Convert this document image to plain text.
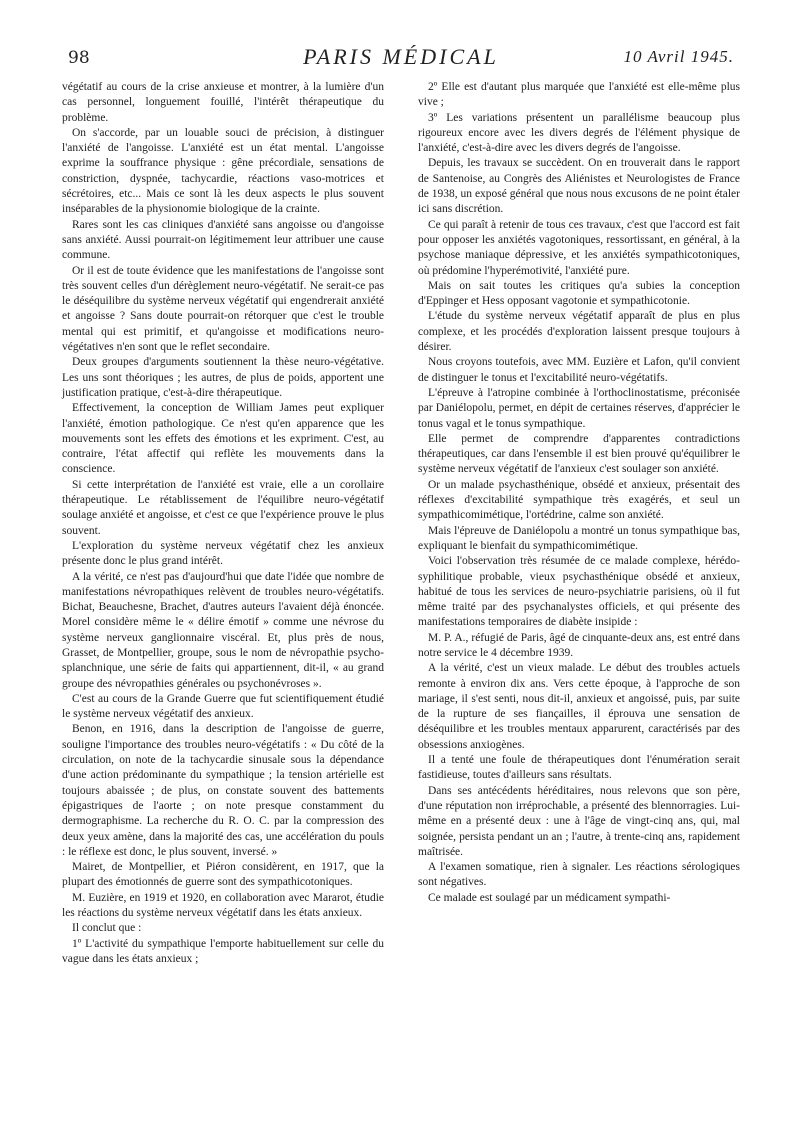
98	PARIS MÉDICAL	10 Avril 1945.

végétatif au cours de la crise anxieuse et montrer, à la lumière d'un cas personnel, longuement fouillé, l'intérêt thérapeutique du problème.

On s'accorde, par un louable souci de précision, à distinguer l'anxiété de l'angoisse. L'anxiété est un état mental. L'angoisse exprime la souffrance physique : gêne précordiale, sensations de constriction, dyspnée, tachycardie, réactions vaso-motrices et sécrétoires, etc... Mais ce sont là les deux aspects le plus souvent inséparables de la physionomie biologique de la crainte.

Rares sont les cas cliniques d'anxiété sans angoisse ou d'angoisse sans anxiété. Aussi pourrait-on légitimement leur attribuer une cause commune.

Or il est de toute évidence que les manifestations de l'angoisse sont très souvent celles d'un dérèglement neuro-végétatif. Ne serait-ce pas le déséquilibre du système nerveux végétatif qui engendrerait anxiété et angoisse ? Sans doute pourrait-on rétorquer que c'est le trouble mental qui est primitif, et qu'angoisse et modifications neuro-végétatives n'en sont que le reflet secondaire.

Deux groupes d'arguments soutiennent la thèse neuro-végétative. Les uns sont théoriques ; les autres, de plus de poids, apportent une justification pratique, c'est-à-dire thérapeutique.

Effectivement, la conception de William James peut expliquer l'anxiété, émotion pathologique. Ce n'est qu'en apparence que les mouvements sont les effets des émotions et les expriment. C'est, au contraire, l'état affectif qui reflète les mouvements dans la conscience.

Si cette interprétation de l'anxiété est vraie, elle a un corollaire thérapeutique. Le rétablissement de l'équilibre neuro-végétatif soulage anxiété et angoisse, et c'est ce que l'expérience prouve le plus souvent.

L'exploration du système nerveux végétatif chez les anxieux présente donc le plus grand intérêt.

A la vérité, ce n'est pas d'aujourd'hui que date l'idée que nombre de manifestations névropathiques relèvent de troubles neuro-végétatifs. Bichat, Beauchesne, Brachet, d'autres auteurs l'avaient déjà énoncée. Morel considère même le « délire émotif » comme une névrose du système nerveux ganglionnaire viscéral. Et, plus près de nous, Grasset, de Montpellier, groupe, sous le nom de névropathie psycho-splanchnique, une série de faits qui appartiennent, dit-il, « au grand groupe des névropathies générales ou psychonévroses ».

C'est au cours de la Grande Guerre que fut scientifiquement étudié le système nerveux végétatif des anxieux.

Benon, en 1916, dans la description de l'angoisse de guerre, souligne l'importance des troubles neuro-végétatifs : « Du côté de la circulation, on note de la tachycardie sinusale sous la dépendance d'une action prédominante du sympathique ; la tension artérielle est toujours abaissée ; de plus, on constate souvent des battements épigastriques de l'aorte ; on note presque constamment du dermographisme. La recherche du R. O. C. par la compression des deux yeux amène, dans la majorité des cas, une accélération du pouls : le réflexe est donc, le plus souvent, inversé. »

Mairet, de Montpellier, et Piéron considèrent, en 1917, que la plupart des émotionnés de guerre sont des sympathicotoniques.

M. Euzière, en 1919 et 1920, en collaboration avec Mararot, étudie les réactions du système nerveux végétatif dans les états anxieux.

Il conclut que :

1º L'activité du sympathique l'emporte habituellement sur celle du vague dans les états anxieux ;

2º Elle est d'autant plus marquée que l'anxiété est elle-même plus vive ;

3º Les variations présentent un parallélisme beaucoup plus rigoureux encore avec les divers degrés de l'élément physique de l'anxiété, c'est-à-dire avec les divers degrés de l'angoisse.

Depuis, les travaux se succèdent. On en trouverait dans le rapport de Santenoise, au Congrès des Aliénistes et Neurologistes de France de 1938, un exposé général que nous nous excusons de ne point étaler ici sans discrétion.

Ce qui paraît à retenir de tous ces travaux, c'est que l'accord est fait pour opposer les anxiétés vagotoniques, ressortissant, en général, à la psychose maniaque dépressive, et les anxiétés sympathicotoniques, où prédomine l'hyperémotivité, l'anxiété pure.

Mais on sait toutes les critiques qu'a subies la conception d'Eppinger et Hess opposant vagotonie et sympathicotonie.

L'étude du système nerveux végétatif apparaît de plus en plus complexe, et les procédés d'exploration laissent presque toujours à désirer.

Nous croyons toutefois, avec MM. Euzière et Lafon, qu'il convient de distinguer le tonus et l'excitabilité neuro-végétatifs.

L'épreuve à l'atropine combinée à l'orthoclinostatisme, préconisée par Daniélopolu, permet, en dépit de certaines réserves, d'apprécier le tonus vagal et le tonus sympathique.

Elle permet de comprendre d'apparentes contradictions thérapeutiques, car dans l'ensemble il est bien prouvé qu'équilibrer le système nerveux végétatif de l'anxieux c'est soulager son anxiété.

Or un malade psychasthénique, obsédé et anxieux, présentait des réflexes d'excitabilité sympathique très exagérés, et seul un sympathicomimétique, l'ortédrine, calme son anxiété.

Mais l'épreuve de Daniélopolu a montré un tonus sympathique bas, expliquant le bienfait du sympathicomimétique.

Voici l'observation très résumée de ce malade complexe, hérédo-syphilitique probable, vieux psychasthénique obsédé et anxieux, habitué de tous les services de neuro-psychiatrie parisiens, où il fut même traité par des psychanalystes officiels, et qui présente des manifestations temporaires de diabète insipide :

M. P. A., réfugié de Paris, âgé de cinquante-deux ans, est entré dans notre service le 4 décembre 1939.

A la vérité, c'est un vieux malade. Le début des troubles actuels remonte à environ dix ans. Vers cette époque, à l'approche de son mariage, il s'est senti, nous dit-il, anxieux et angoissé, puis, par suite de la rupture de ses fiançailles, il éprouva une sensation de déséquilibre et les troubles mentaux apparurent, caractérisés par des obsessions anxiogènes.

Il a tenté une foule de thérapeutiques dont l'énumération serait fastidieuse, toutes d'ailleurs sans résultats.

Dans ses antécédents héréditaires, nous relevons que son père, d'une réputation non irréprochable, a présenté des blennorragies. Lui-même en a présenté deux : une à l'âge de vingt-cinq ans, qui, mal soignée, persista pendant un an ; l'autre, à trente-cinq ans, rapidement maîtrisée.

A l'examen somatique, rien à signaler. Les réactions sérologiques sont négatives.

Ce malade est soulagé par un médicament sympathi-
